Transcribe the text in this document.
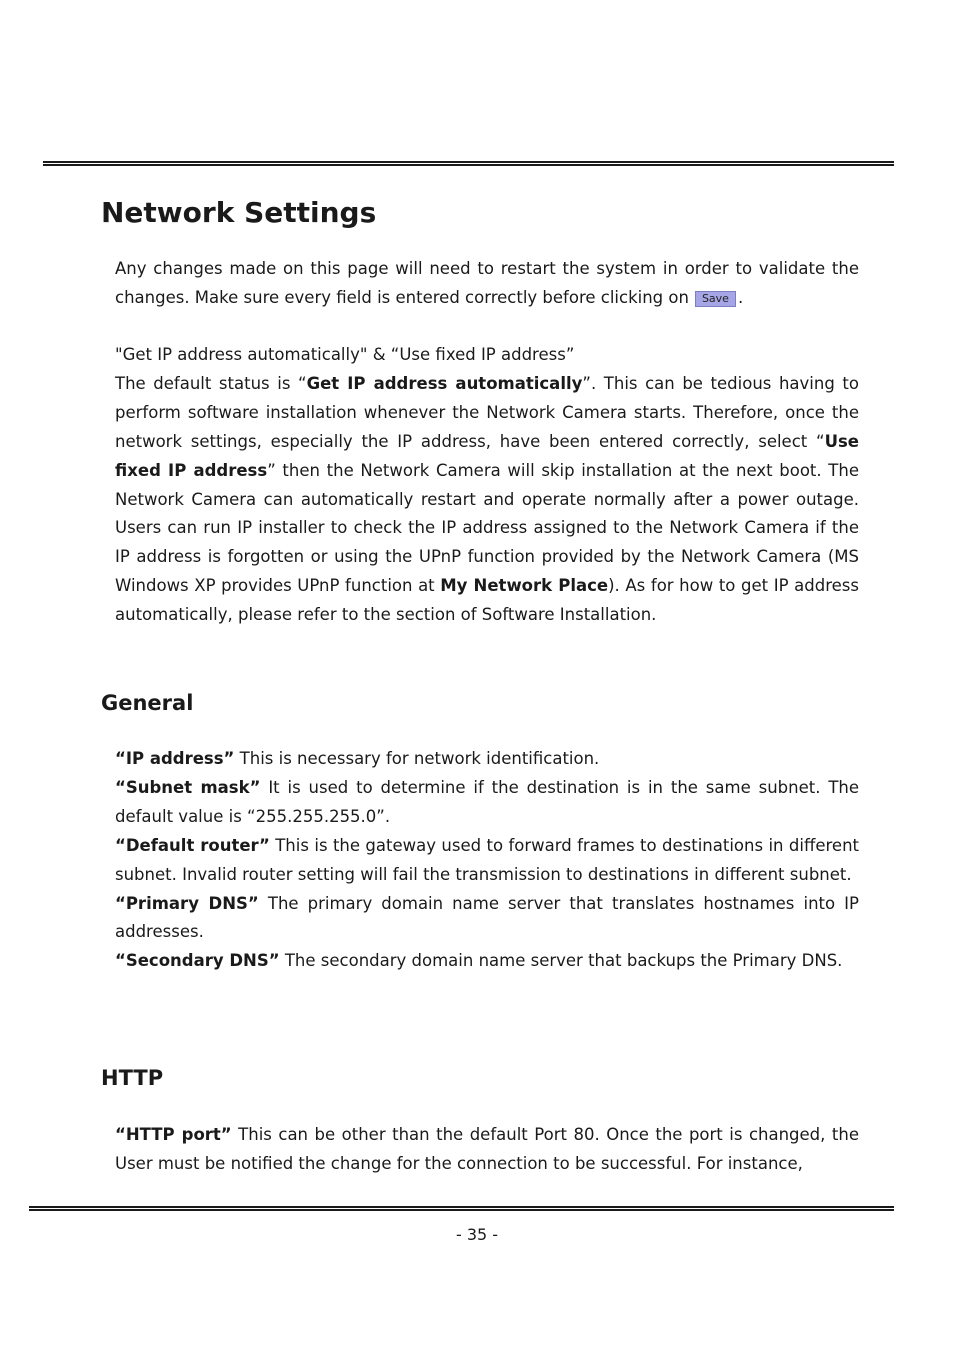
Network Settings

Any changes made on this page will need to restart the system in order to validate the changes. Make sure every field is entered correctly before clicking on Save .

"Get IP address automatically" & “Use fixed IP address”

The default status is “Get IP address automatically”. This can be tedious having to perform software installation whenever the Network Camera starts. Therefore, once the network settings, especially the IP address, have been entered correctly, select “Use fixed IP address” then the Network Camera will skip installation at the next boot. The Network Camera can automatically restart and operate normally after a power outage. Users can run IP installer to check the IP address assigned to the Network Camera if the IP address is forgotten or using the UPnP function provided by the Network Camera (MS Windows XP provides UPnP function at My Network Place). As for how to get IP address automatically, please refer to the section of Software Installation.

General

“IP address” This is necessary for network identification.

“Subnet mask” It is used to determine if the destination is in the same subnet. The default value is “255.255.255.0”.

“Default router” This is the gateway used to forward frames to destinations in different subnet. Invalid router setting will fail the transmission to destinations in different subnet.

“Primary DNS” The primary domain name server that translates hostnames into IP addresses.

“Secondary DNS” The secondary domain name server that backups the Primary DNS.

HTTP

“HTTP port” This can be other than the default Port 80. Once the port is changed, the User must be notified the change for the connection to be successful. For instance,

- 35 -
